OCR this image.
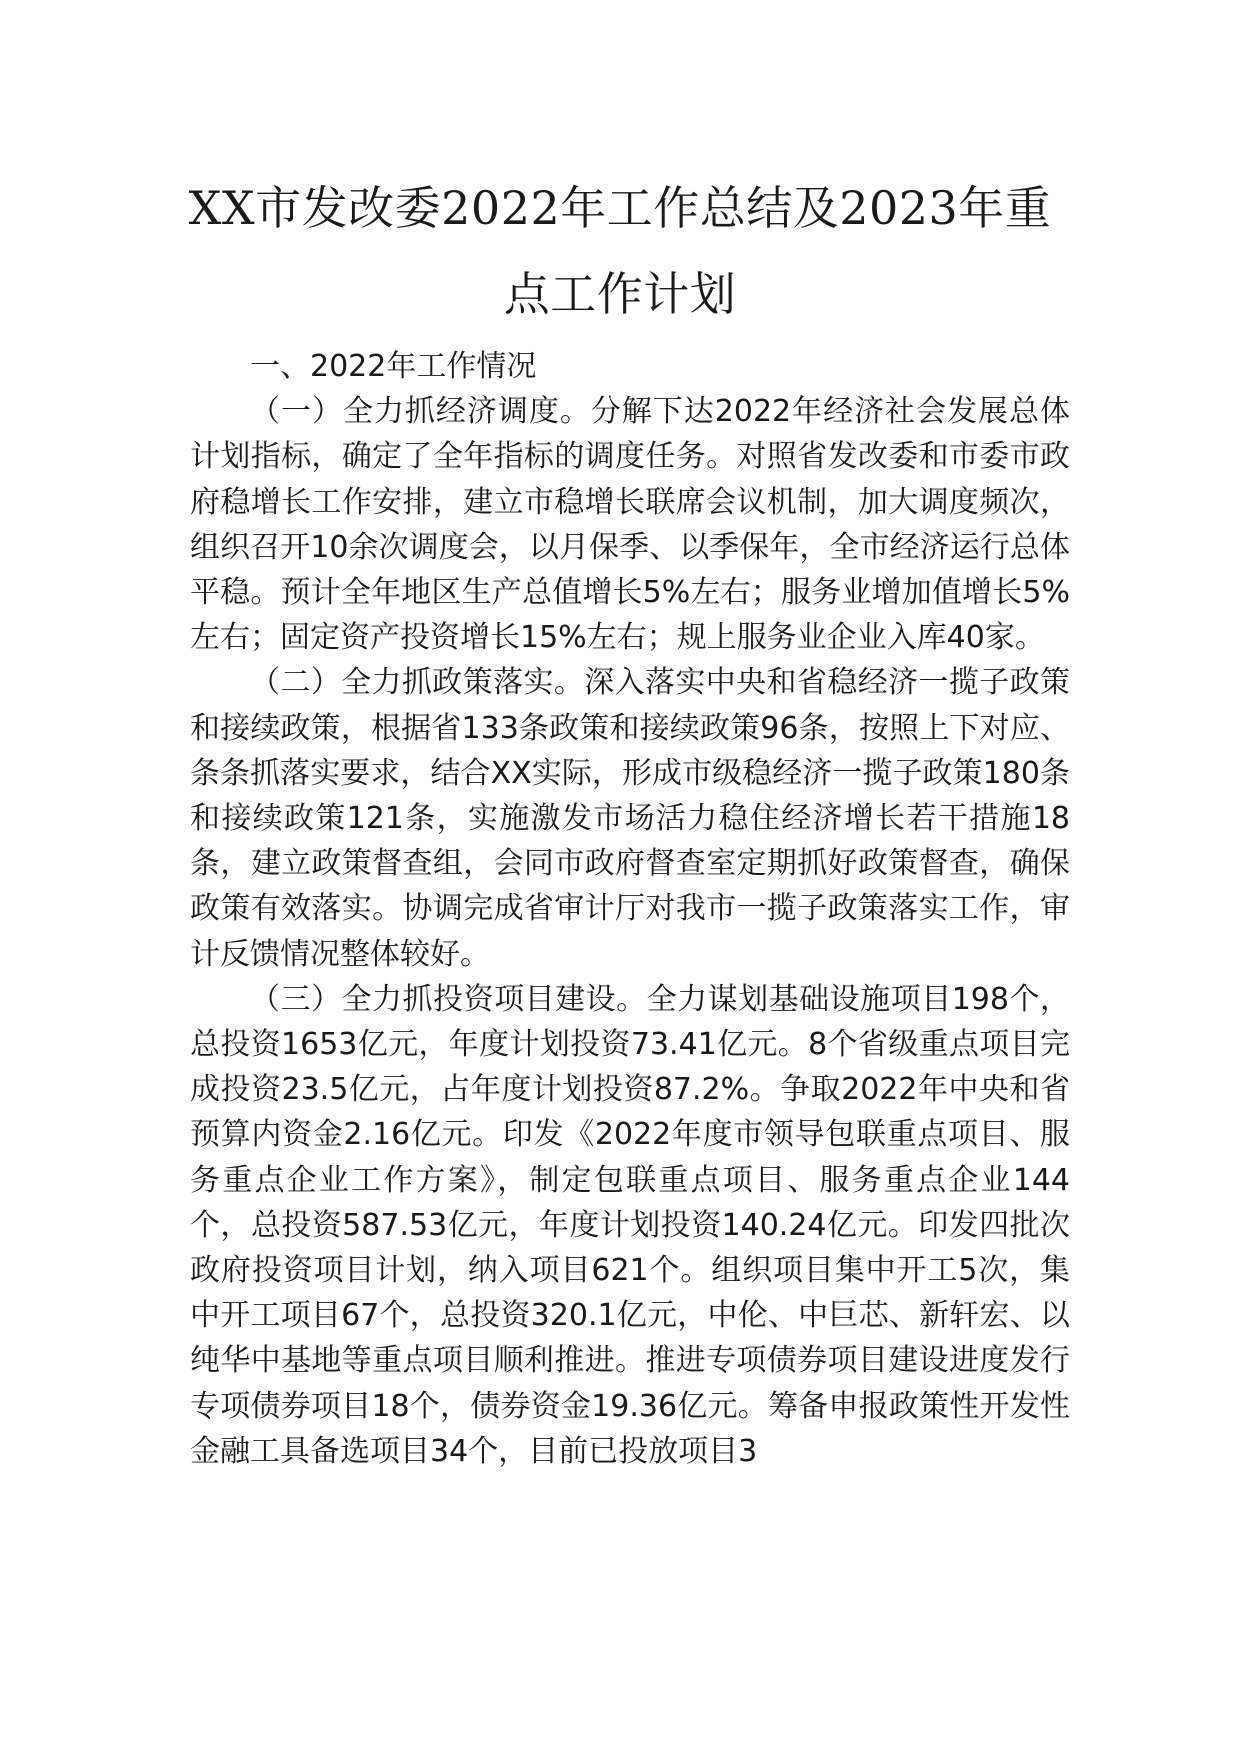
XX市发改委2022年工作总结及2023年重
点工作计划

一、2022年工作情况

（一）全力抓经济调度。分解下达2022年经济社会发展总体计划指标，确定了全年指标的调度任务。对照省发改委和市委市政府稳增长工作安排，建立市稳增长联席会议机制，加大调度频次，组织召开10余次调度会，以月保季、以季保年，全市经济运行总体平稳。预计全年地区生产总值增长5%左右；服务业增加值增长5%左右；固定资产投资增长15%左右；规上服务业企业入库40家。

（二）全力抓政策落实。深入落实中央和省稳经济一揽子政策和接续政策，根据省133条政策和接续政策96条，按照上下对应、条条抓落实要求，结合XX实际，形成市级稳经济一揽子政策180条和接续政策121条，实施激发市场活力稳住经济增长若干措施18条，建立政策督查组，会同市政府督查室定期抓好政策督查，确保政策有效落实。协调完成省审计厅对我市一揽子政策落实工作，审计反馈情况整体较好。

（三）全力抓投资项目建设。全力谋划基础设施项目198个，总投资1653亿元，年度计划投资73.41亿元。8个省级重点项目完成投资23.5亿元，占年度计划投资87.2%。争取2022年中央和省预算内资金2.16亿元。印发《2022年度市领导包联重点项目、服务重点企业工作方案》，制定包联重点项目、服务重点企业144个，总投资587.53亿元，年度计划投资140.24亿元。印发四批次政府投资项目计划，纳入项目621个。组织项目集中开工5次，集中开工项目67个，总投资320.1亿元，中伦、中巨芯、新轩宏、以纯华中基地等重点项目顺利推进。推进专项债券项目建设进度发行专项债券项目18个，债券资金19.36亿元。筹备申报政策性开发性金融工具备选项目34个，目前已投放项目3
